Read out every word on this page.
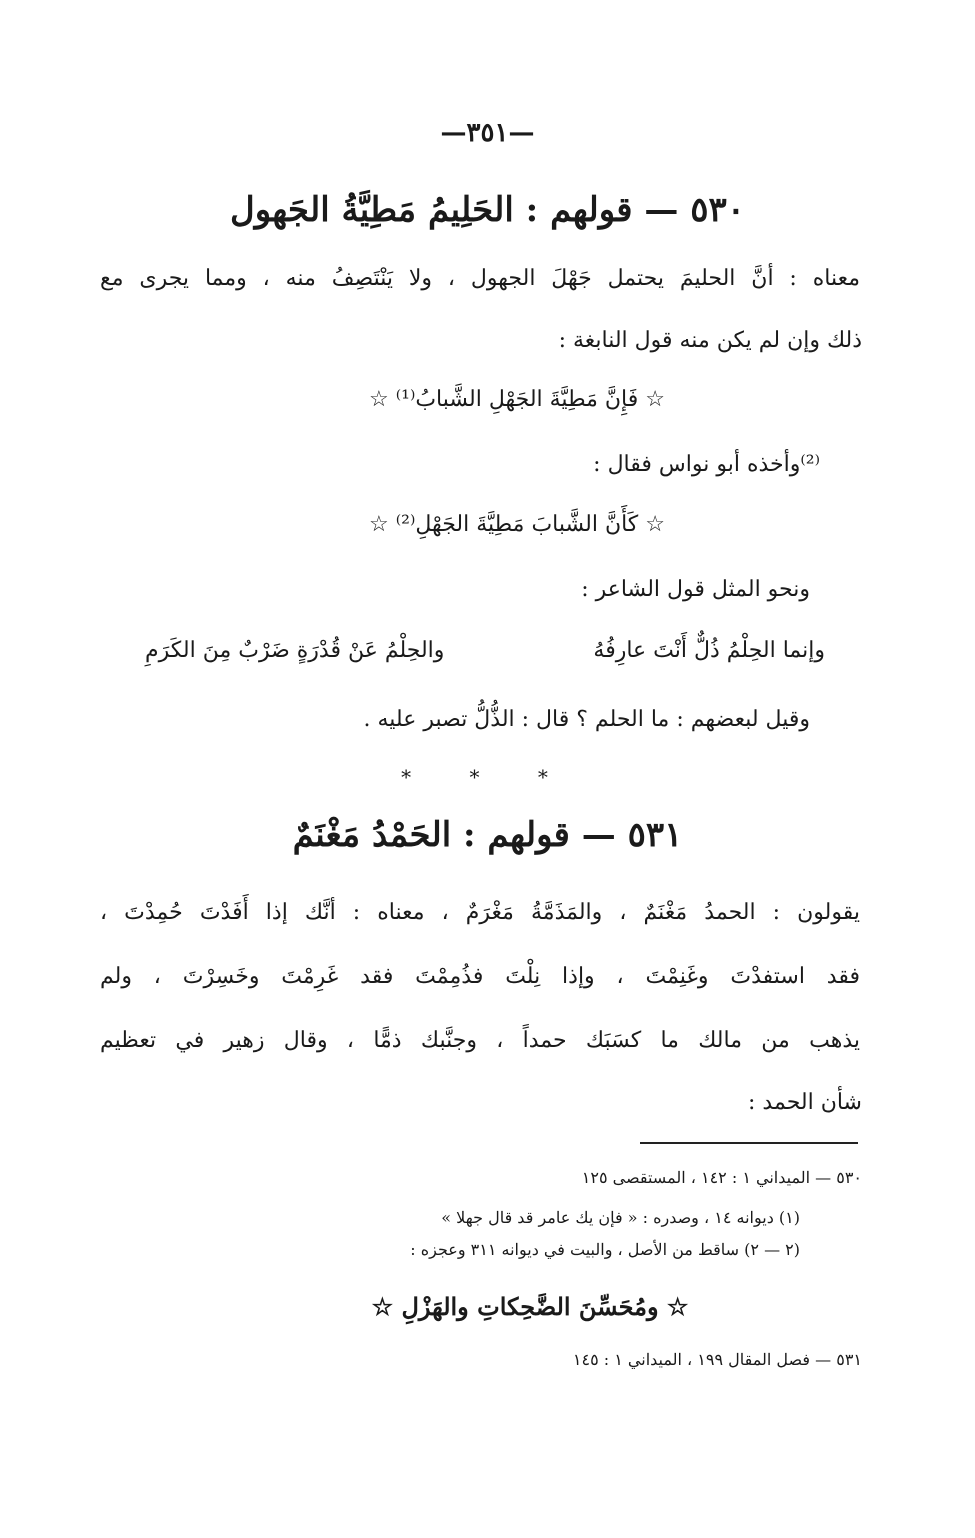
—٣٥١—
٥٣٠ — قولهم : الحَلِيمُ مَطِيَّةُ الجَهول
معناه : أنَّ الحليمَ يحتمل جَهْلَ الجهول ، ولا يَنْتَصِفُ منه ، ومما يجرى مع
ذلك وإن لم يكن منه قول النابغة :
☆ فَإِنَّ مَطِيَّةَ الجَهْلِ الشَّبابُ⁽¹⁾ ☆
⁽²⁾وأخذه أبو نواس فقال :
☆ كَأَنَّ الشَّبابَ مَطِيَّةَ الجَهْلِ⁽²⁾ ☆
ونحو المثل قول الشاعر :
وإنما الحِلْمُ ذُلٌّ أَنْتَ عارِفُهُ
والحِلْمُ عَنْ قُدْرَةٍ ضَرْبٌ مِنَ الكَرَمِ
وقيل لبعضهم : ما الحلم ؟ قال : الذُّلُّ تصبر عليه .
* * *
٥٣١ — قولهم : الحَمْدُ مَغْنَمٌ
يقولون : الحمدُ مَغْنَمٌ ، والمَذَمَّةُ مَغْرَمٌ ، معناه : أنَّك إذا أَفَدْتَ حُمِدْتَ ،
فقد استفدْتَ وغَنِمْتَ ، وإذا نِلْتَ فذُمِمْتَ فقد غَرِمْتَ وخَسِرْتَ ، ولم
يذهب من مالك ما كسَبَك حمداً ، وجنَّبك ذمًّا ، وقال زهير في تعظيم
شأن الحمد :
٥٣٠ — الميداني ١ : ١٤٢ ، المستقصى ١٢٥
(١) ديوانه ١٤ ، وصدره : « فإن يك عامر قد قال جهلا »
(٢ — ٢) ساقط من الأصل ، والبيت في ديوانه ٣١١ وعجزه :
☆ ومُحَسِّنَ الضَّحِكاتِ والهَزْلِ ☆
٥٣١ — فصل المقال ١٩٩ ، الميداني ١ : ١٤٥
